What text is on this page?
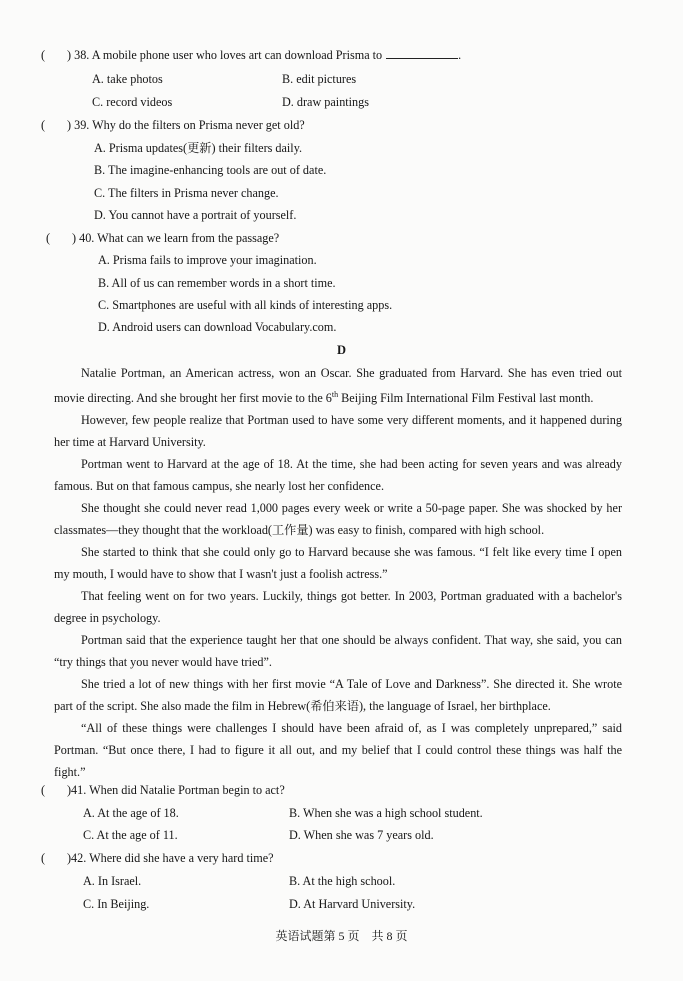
( ) 38. A mobile phone user who loves art can download Prisma to	.
A. take photos	B. edit pictures
C. record videos	D. draw paintings
( ) 39. Why do the filters on Prisma never get old?
A. Prisma updates(更新) their filters daily.
B. The imagine-enhancing tools are out of date.
C. The filters in Prisma never change.
D. You cannot have a portrait of yourself.
( ) 40. What can we learn from the passage?
A. Prisma fails to improve your imagination.
B. All of us can remember words in a short time.
C. Smartphones are useful with all kinds of interesting apps.
D. Android users can download Vocabulary.com.
D

Natalie Portman, an American actress, won an Oscar. She graduated from Harvard. She has even tried out movie directing. And she brought her first movie to the 6th Beijing Film International Film Festival last month.

However, few people realize that Portman used to have some very different moments, and it happened during her time at Harvard University.

Portman went to Harvard at the age of 18. At the time, she had been acting for seven years and was already famous. But on that famous campus, she nearly lost her confidence.

She thought she could never read 1,000 pages every week or write a 50-page paper. She was shocked by her classmates—they thought that the workload(工作量) was easy to finish, compared with high school.

She started to think that she could only go to Harvard because she was famous. “I felt like every time I open my mouth, I would have to show that I wasn't just a foolish actress.”

That feeling went on for two years. Luckily, things got better. In 2003, Portman graduated with a bachelor's degree in psychology.

Portman said that the experience taught her that one should be always confident. That way, she said, you can “try things that you never would have tried”.

She tried a lot of new things with her first movie “A Tale of Love and Darkness”. She directed it. She wrote part of the script. She also made the film in Hebrew(希伯来语), the language of Israel, her birthplace.

“All of these things were challenges I should have been afraid of, as I was completely unprepared,” said Portman. “But once there, I had to figure it all out, and my belief that I could control these things was half the fight.”

( )41. When did Natalie Portman begin to act?
A. At the age of 18.	B. When she was a high school student.
C. At the age of 11.	D. When she was 7 years old.
( )42. Where did she have a very hard time?
A. In Israel.	B. At the high school.
C. In Beijing.	D. At Harvard University.
英语试题第 5 页　共 8 页
